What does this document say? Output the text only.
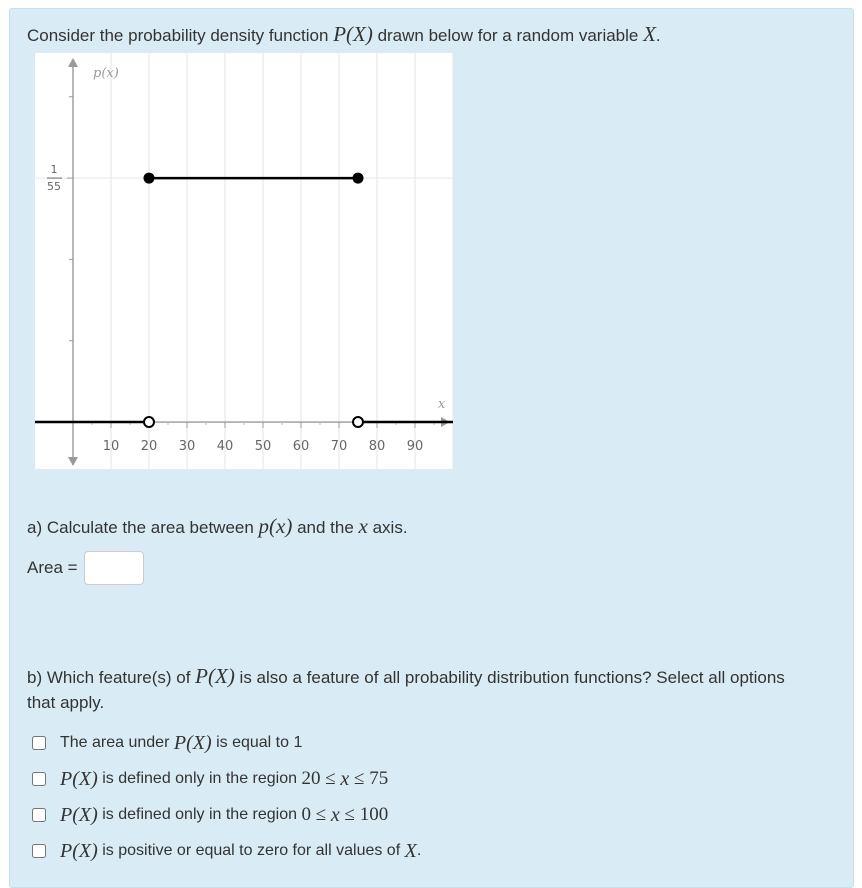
Consider the probability density function P(X) drawn below for a random variable X.
10 20 30 40 50 60 70 80 90
1
55
p(x)
x
a) Calculate the area between p(x) and the x axis.
Area =
b) Which feature(s) of P(X) is also a feature of all probability distribution functions? Select all options that apply.
The area under
P(X)
is equal to 1
P(X)
is defined only in the region
20 ≤ x ≤ 75
P(X)
is defined only in the region
0 ≤ x ≤ 100
P(X)
is positive or equal to zero for all values of
X .
